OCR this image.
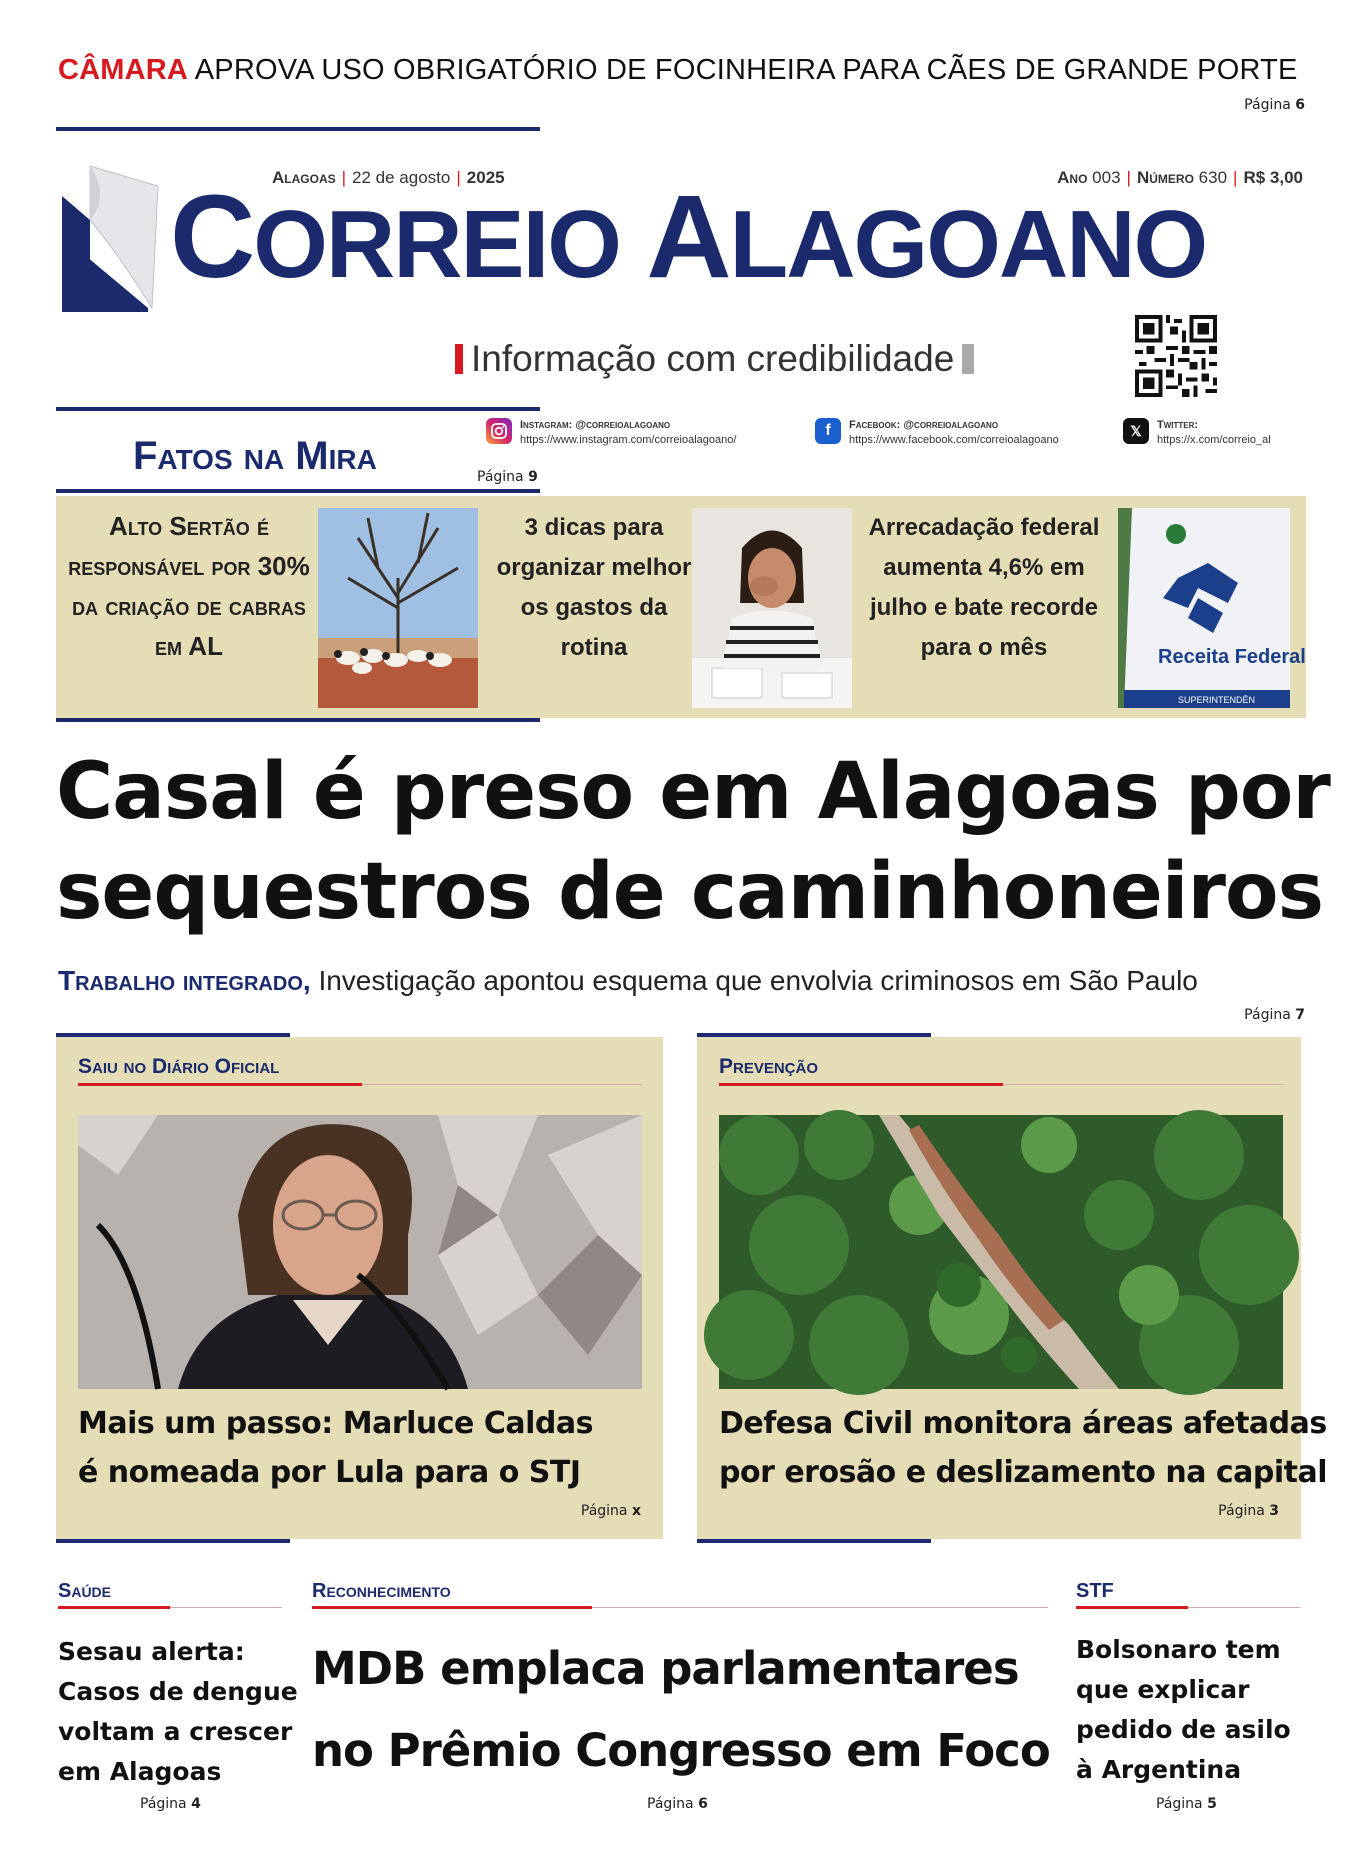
CÂMARA APROVA USO OBRIGATÓRIO DE FOCINHEIRA PARA CÃES DE GRANDE PORTE
Página 6
Alagoas | 22 de agosto | 2025	Ano 003 | Número 630 | R$ 3,00
CORREIO ALAGOANO
Informação com credibilidade
Fatos na Mira	Página 9
Instagram: @correioalagoano
https://www.instagram.com/correioalagoano/
f	Facebook: @correioalagoano
https://www.facebook.com/correioalagoano
𝕏	Twitter:
https://x.com/correio_al
Alto Sertão é responsável por 30% da criação de cabras em AL
3 dicas para organizar melhor os gastos da rotina
Arrecadação federal aumenta 4,6% em julho e bate recorde para o mês	Receita Federal
SUPERINTENDÊN
Casal é preso em Alagoas por
sequestros de caminhoneiros
Trabalho integrado, Investigação apontou esquema que envolvia criminosos em São Paulo
Página 7
Saiu no Diário Oficial
Mais um passo: Marluce Caldas
é nomeada por Lula para o STJ
Página x
Prevenção
Defesa Civil monitora áreas afetadas
por erosão e deslizamento na capital
Página 3
Saúde
Sesau alerta:
Casos de dengue
voltam a crescer
em Alagoas
Página 4
Reconhecimento
MDB emplaca parlamentares
no Prêmio Congresso em Foco
Página 6
STF
Bolsonaro tem
que explicar
pedido de asilo
à Argentina
Página 5
